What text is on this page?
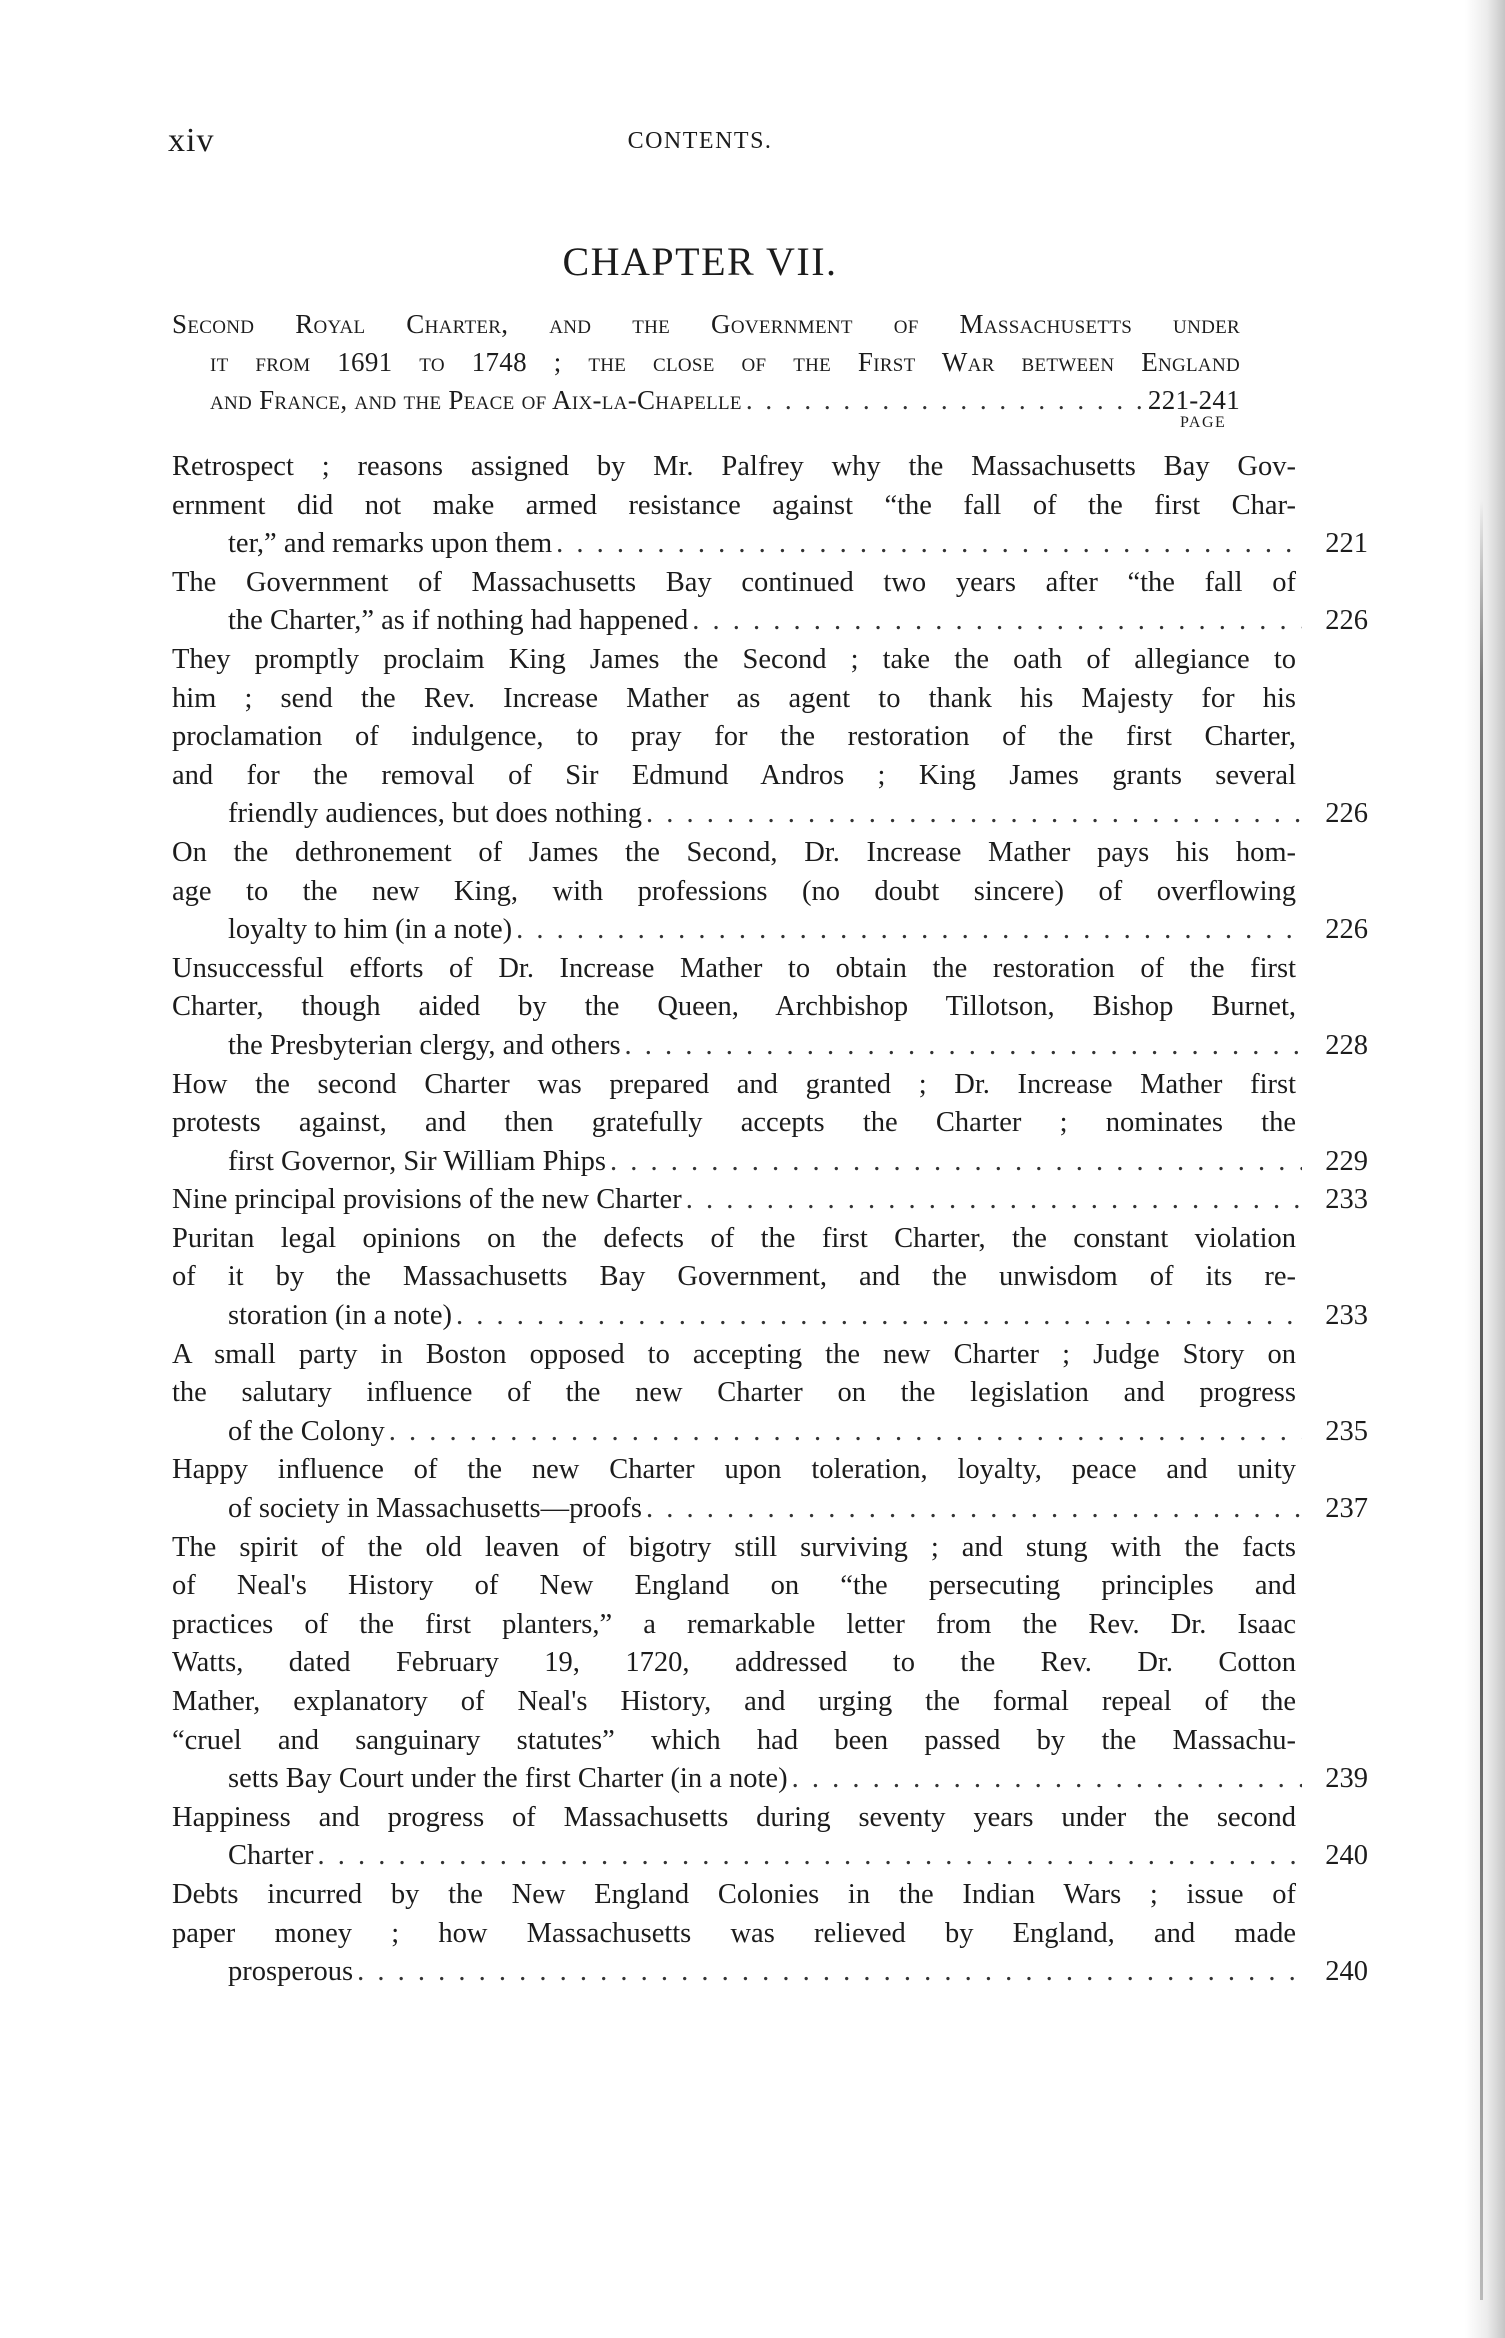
xiv	CONTENTS.
CHAPTER VII.
Second Royal Charter, and the Government of Massachusetts under
it from 1691 to 1748 ; the close of the First War between England
and France, and the Peace of Aix-la-Chapelle . . .	221-241
PAGE
Retrospect ; reasons assigned by Mr. Palfrey why the Massachusetts Bay Gov-
ernment did not make armed resistance against “the fall of the first Char-
ter,” and remarks upon them . . .	221
The Government of Massachusetts Bay continued two years after “the fall of
the Charter,” as if nothing had happened . . .	226
They promptly proclaim King James the Second ; take the oath of allegiance to
him ; send the Rev. Increase Mather as agent to thank his Majesty for his
proclamation of indulgence, to pray for the restoration of the first Charter,
and for the removal of Sir Edmund Andros ; King James grants several
friendly audiences, but does nothing . . .	226
On the dethronement of James the Second, Dr. Increase Mather pays his hom-
age to the new King, with professions (no doubt sincere) of overflowing
loyalty to him (in a note) . . .	226
Unsuccessful efforts of Dr. Increase Mather to obtain the restoration of the first
Charter, though aided by the Queen, Archbishop Tillotson, Bishop Burnet,
the Presbyterian clergy, and others . . .	228
How the second Charter was prepared and granted ; Dr. Increase Mather first
protests against, and then gratefully accepts the Charter ; nominates the
first Governor, Sir William Phips . . .	229
Nine principal provisions of the new Charter . . .	233
Puritan legal opinions on the defects of the first Charter, the constant violation
of it by the Massachusetts Bay Government, and the unwisdom of its re-
storation (in a note) . . .	233
A small party in Boston opposed to accepting the new Charter ; Judge Story on
the salutary influence of the new Charter on the legislation and progress
of the Colony . . .	235
Happy influence of the new Charter upon toleration, loyalty, peace and unity
of society in Massachusetts—proofs . . .	237
The spirit of the old leaven of bigotry still surviving ; and stung with the facts
of Neal's History of New England on “the persecuting principles and
practices of the first planters,” a remarkable letter from the Rev. Dr. Isaac
Watts, dated February 19, 1720, addressed to the Rev. Dr. Cotton
Mather, explanatory of Neal's History, and urging the formal repeal of the
“cruel and sanguinary statutes” which had been passed by the Massachu-
setts Bay Court under the first Charter (in a note) . . .	239
Happiness and progress of Massachusetts during seventy years under the second
Charter . . .	240
Debts incurred by the New England Colonies in the Indian Wars ; issue of
paper money ; how Massachusetts was relieved by England, and made
prosperous . . .	240
